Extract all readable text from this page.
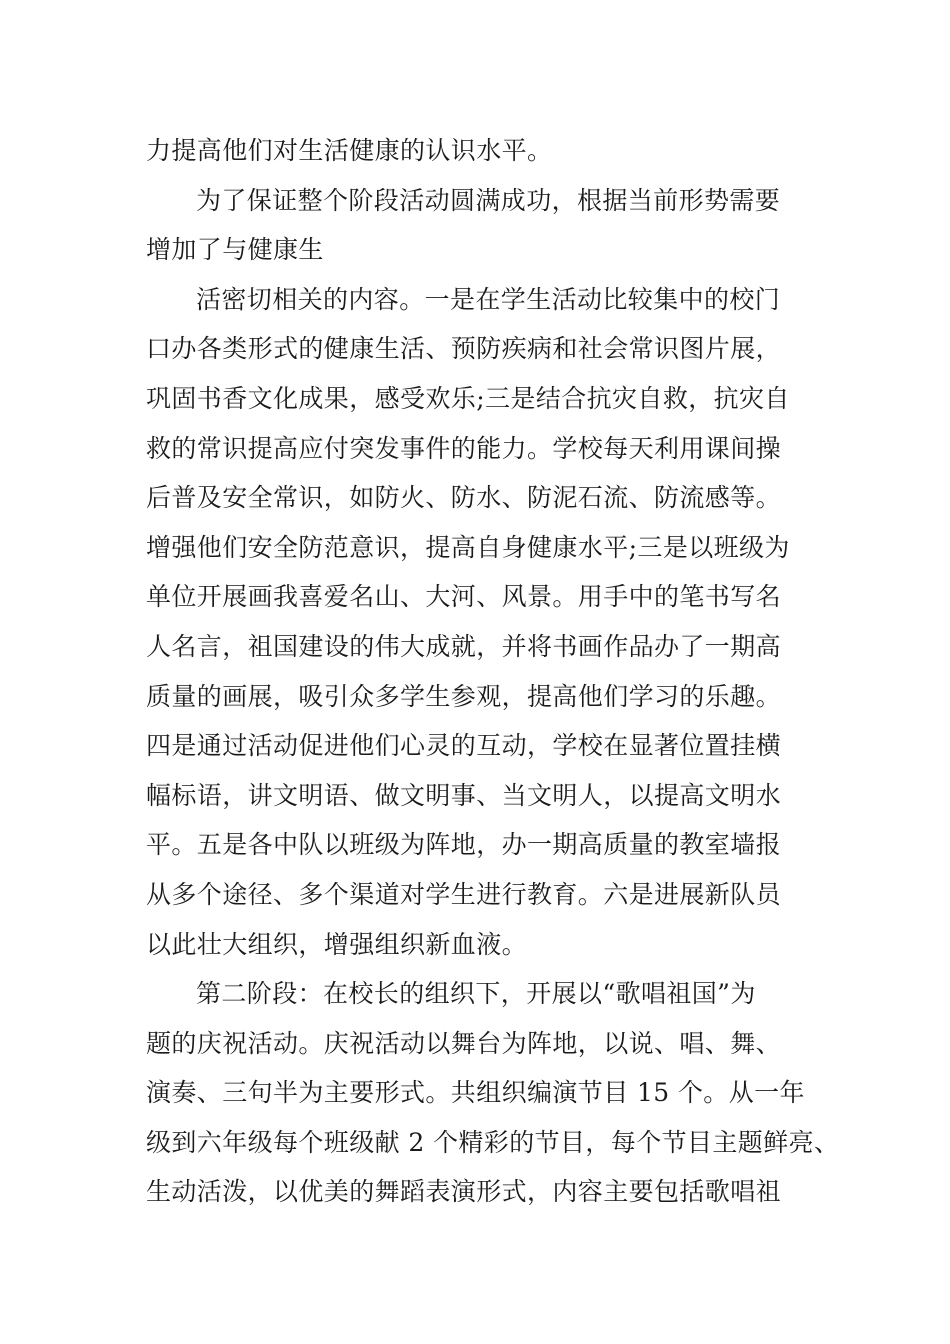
力提高他们对生活健康的认识水平。
为了保证整个阶段活动圆满成功，根据当前形势需要
增加了与健康生
活密切相关的内容。一是在学生活动比较集中的校门
口办各类形式的健康生活、预防疾病和社会常识图片展，
巩固书香文化成果，感受欢乐;三是结合抗灾自救，抗灾自
救的常识提高应付突发事件的能力。学校每天利用课间操
后普及安全常识，如防火、防水、防泥石流、防流感等。
增强他们安全防范意识，提高自身健康水平;三是以班级为
单位开展画我喜爱名山、大河、风景。用手中的笔书写名
人名言，祖国建设的伟大成就，并将书画作品办了一期高
质量的画展，吸引众多学生参观，提高他们学习的乐趣。
四是通过活动促进他们心灵的互动，学校在显著位置挂横
幅标语，讲文明语、做文明事、当文明人，以提高文明水
平。五是各中队以班级为阵地，办一期高质量的教室墙报
从多个途径、多个渠道对学生进行教育。六是进展新队员
以此壮大组织，增强组织新血液。
第二阶段：在校长的组织下，开展以“歌唱祖国”为
题的庆祝活动。庆祝活动以舞台为阵地，以说、唱、舞、
演奏、三句半为主要形式。共组织编演节目 15 个。从一年
级到六年级每个班级献 2 个精彩的节目，每个节目主题鲜亮、
生动活泼，以优美的舞蹈表演形式，内容主要包括歌唱祖
